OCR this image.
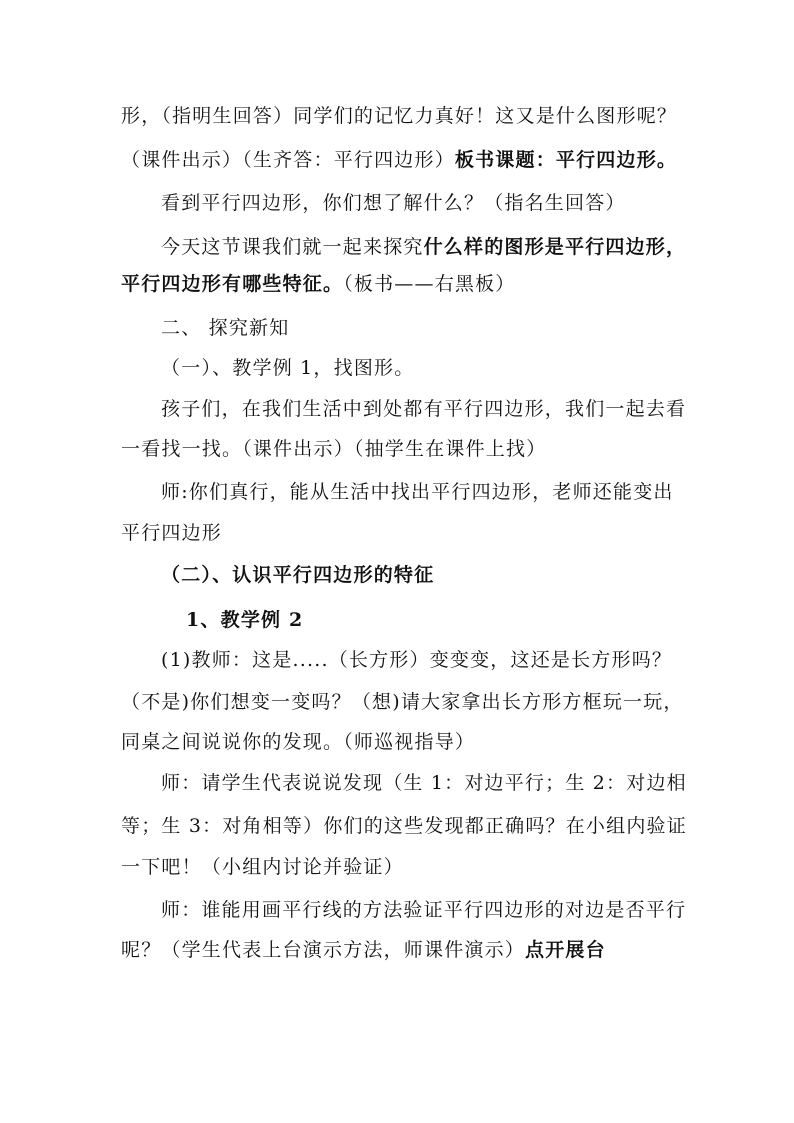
形，（指明生回答）同学们的记忆力真好！这又是什么图形呢？
（课件出示）（生齐答：平行四边形）板书课题：平行四边形。
看到平行四边形，你们想了解什么？（指名生回答）
今天这节课我们就一起来探究什么样的图形是平行四边形，
平行四边形有哪些特征。（板书——右黑板）
二、 探究新知
（一）、教学例 1，找图形。
孩子们，在我们生活中到处都有平行四边形，我们一起去看
一看找一找。（课件出示）（抽学生在课件上找）
师:你们真行，能从生活中找出平行四边形，老师还能变出
平行四边形
（二）、认识平行四边形的特征
1、教学例 2
(1)教师：这是.....（长方形）变变变，这还是长方形吗？
（不是)你们想变一变吗？（想)请大家拿出长方形方框玩一玩，
同桌之间说说你的发现。（师巡视指导）
师：请学生代表说说发现（生 1：对边平行；生 2：对边相
等；生 3：对角相等）你们的这些发现都正确吗？在小组内验证
一下吧！（小组内讨论并验证）
师：谁能用画平行线的方法验证平行四边形的对边是否平行
呢？（学生代表上台演示方法，师课件演示）点开展台
